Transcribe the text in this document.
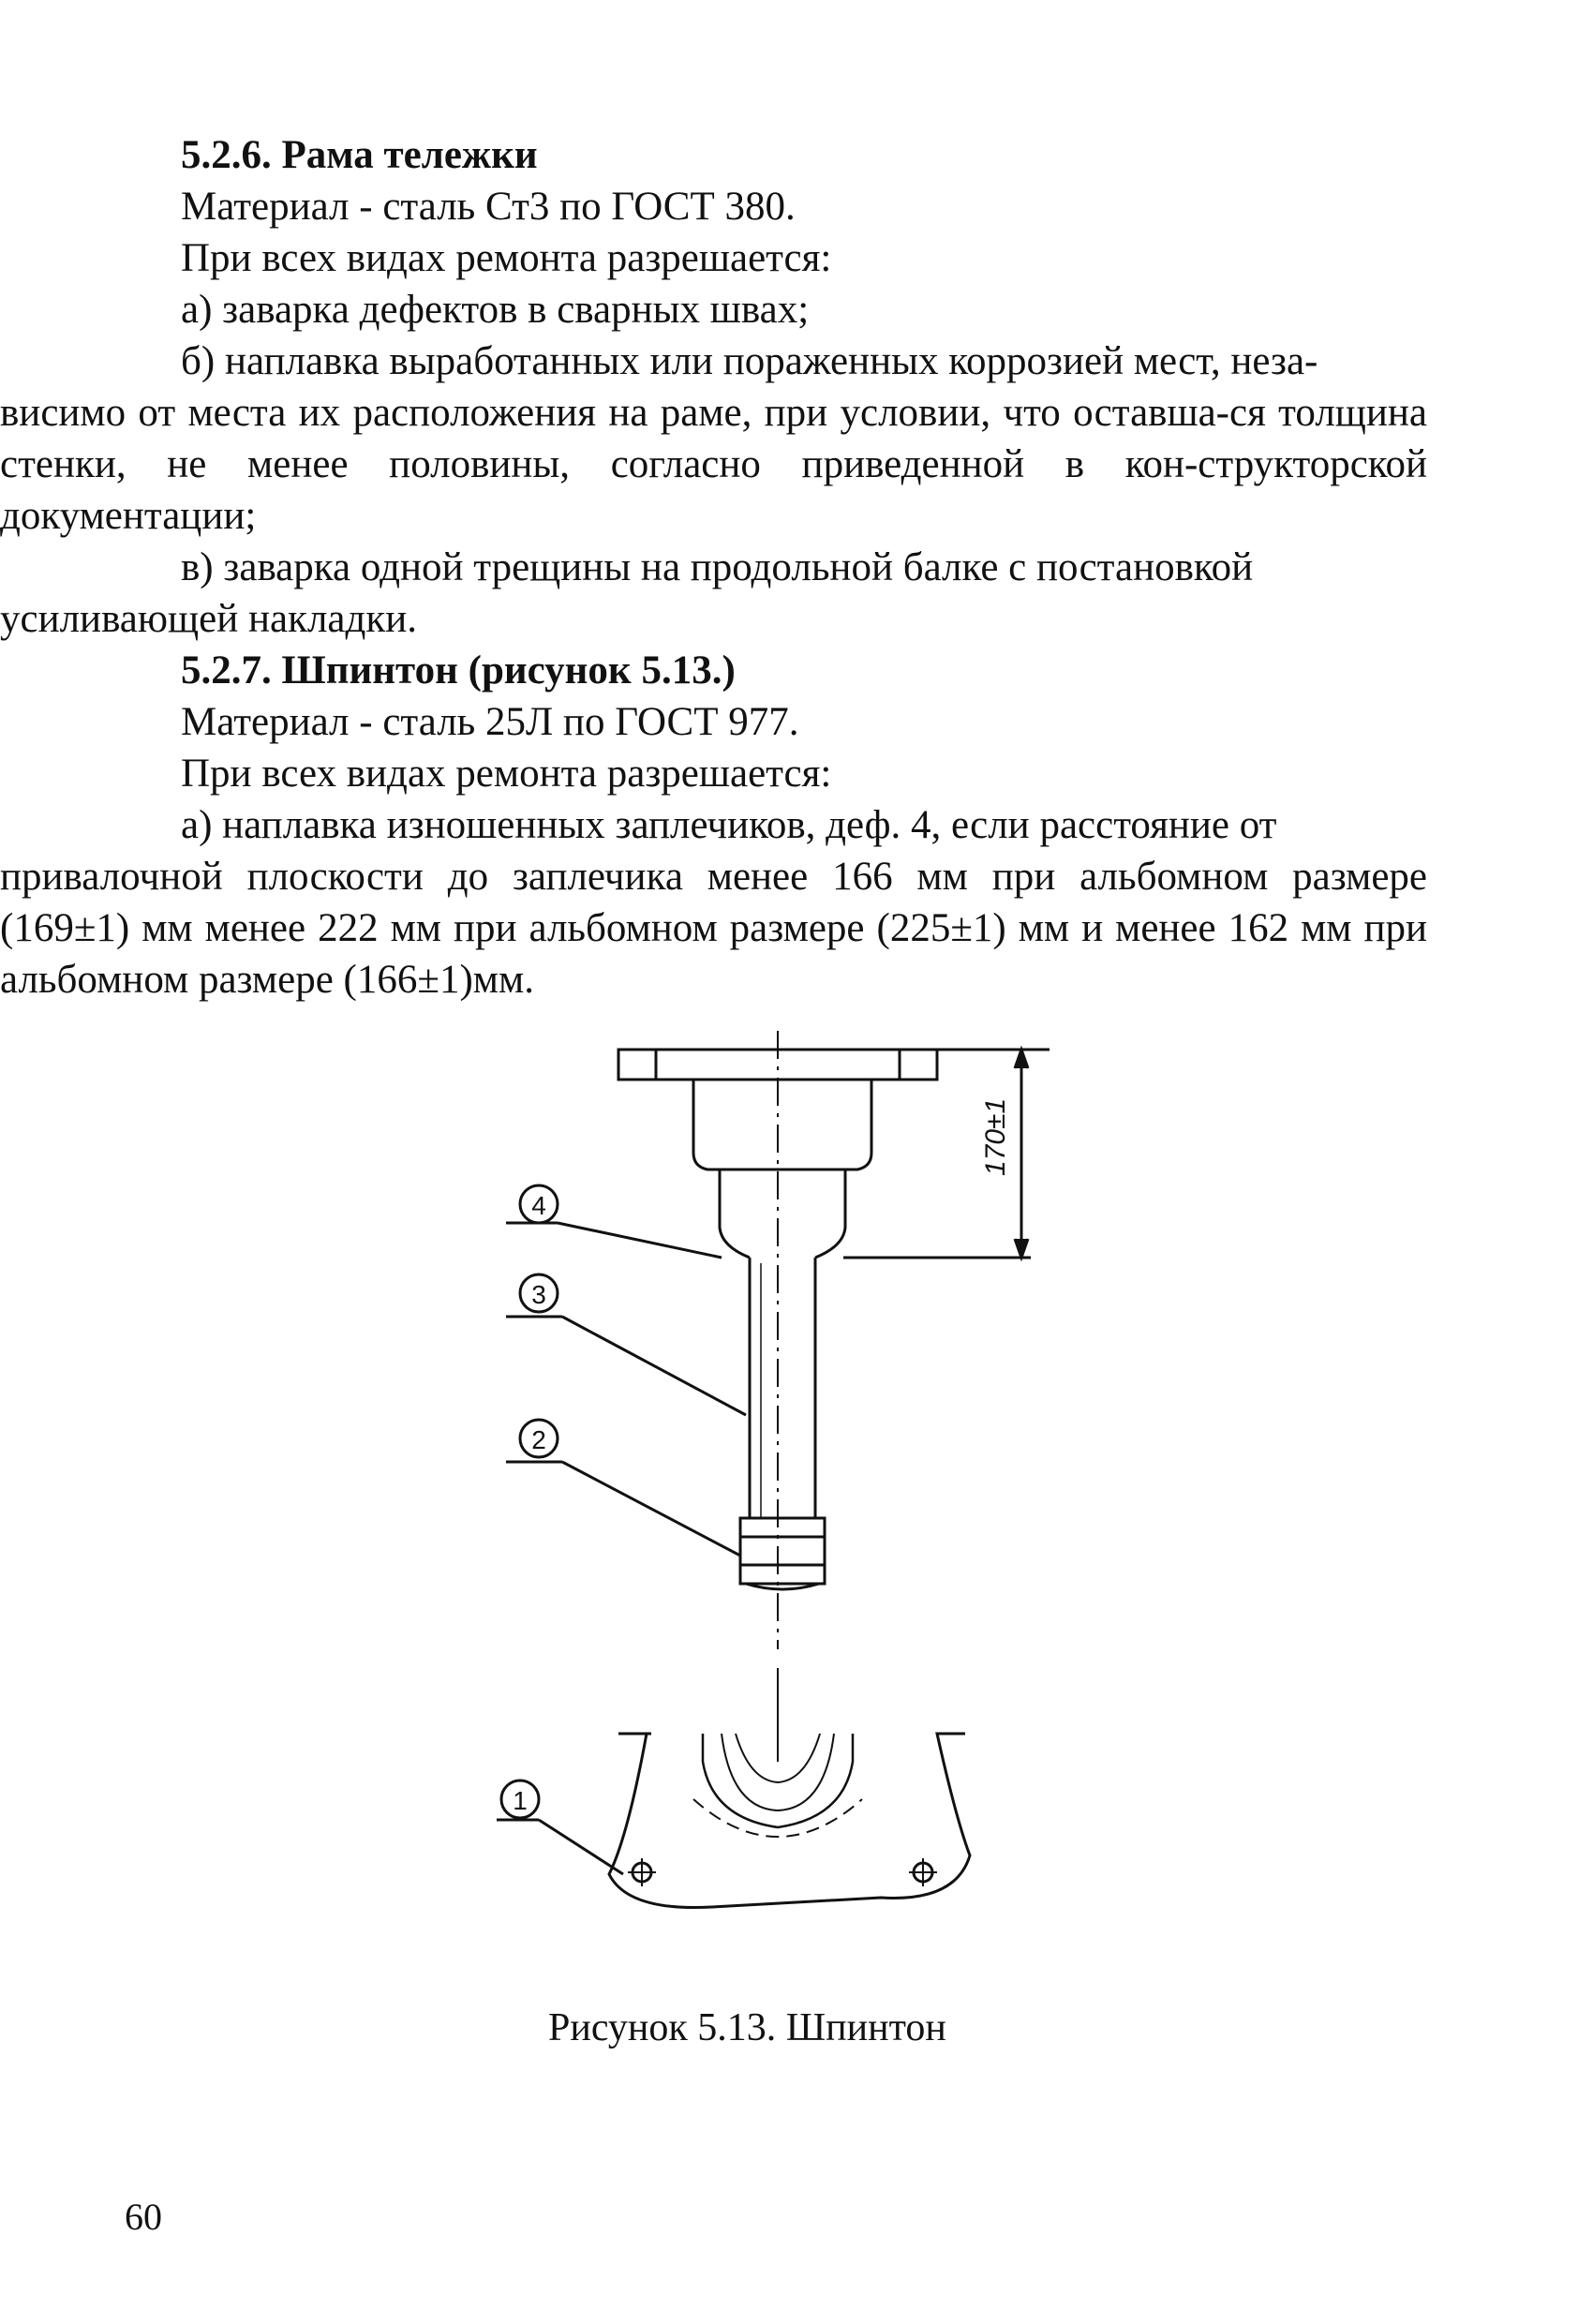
5.2.6. Рама тележки

Материал - сталь Ст3 по ГОСТ 380.

При всех видах ремонта разрешается:

а) заварка дефектов в сварных швах;

б) наплавка выработанных или пораженных коррозией мест, неза-

висимо от места их расположения на раме, при условии, что оставша-ся толщина стенки, не менее половины, согласно приведенной в кон-структорской документации;

в) заварка одной трещины на продольной балке с постановкой

усиливающей накладки.

5.2.7. Шпинтон (рисунок 5.13.)

Материал - сталь 25Л по ГОСТ 977.

При всех видах ремонта разрешается:

а) наплавка изношенных заплечиков, деф. 4, если расстояние от

привалочной плоскости до заплечика менее 166 мм при альбомном размере (169±1) мм менее 222 мм при альбомном размере (225±1) мм и менее 162 мм при альбомном размере (166±1)мм.

170±1
4
3
2
1
Рисунок 5.13. Шпинтон
60
